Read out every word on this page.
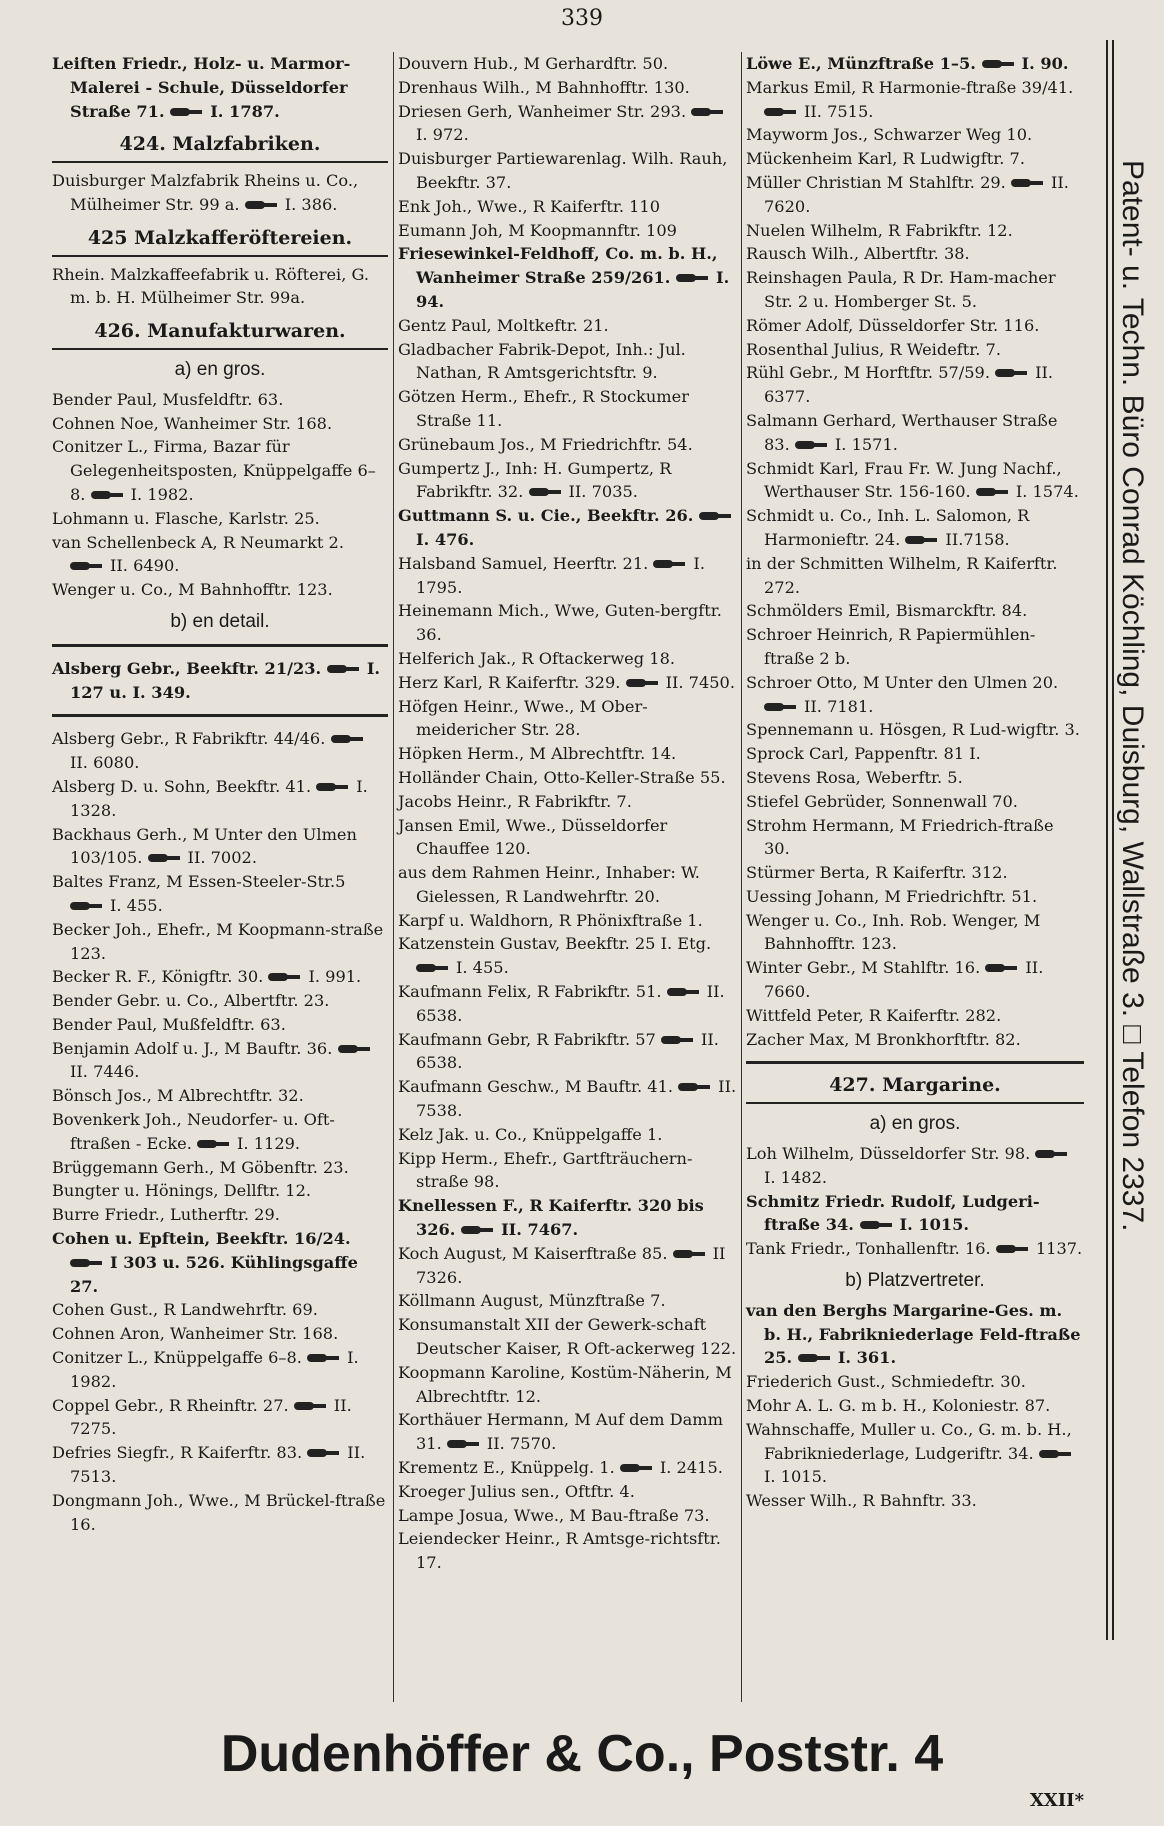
339

Leiften Friedr., Holz- u. Marmor-Malerei - Schule, Düsseldorfer Straße 71. I. 1787.

424. Malzfabriken.

Duisburger Malzfabrik Rheins u. Co., Mülheimer Str. 99 a. I. 386.

425 Malzkafferöftereien.

Rhein. Malzkaffeefabrik u. Röfterei, G. m. b. H. Mülheimer Str. 99a.

426. Manufakturwaren.
a) en gros.

Bender Paul, Musfeldftr. 63.

Cohnen Noe, Wanheimer Str. 168.

Conitzer L., Firma, Bazar für Gelegenheitsposten, Knüppelgaffe 6–8. I. 1982.

Lohmann u. Flasche, Karlstr. 25.

van Schellenbeck A, R Neumarkt 2. II. 6490.

Wenger u. Co., M Bahnhofftr. 123.

b) en detail.

Alsberg Gebr., Beekftr. 21/23. I. 127 u. I. 349.

Alsberg Gebr., R Fabrikftr. 44/46. II. 6080.

Alsberg D. u. Sohn, Beekftr. 41. I. 1328.

Backhaus Gerh., M Unter den Ulmen 103/105. II. 7002.

Baltes Franz, M Essen-Steeler-Str.5 I. 455.

Becker Joh., Ehefr., M Koopmann-straße 123.

Becker R. F., Königftr. 30. I. 991.

Bender Gebr. u. Co., Albertftr. 23.

Bender Paul, Mußfeldftr. 63.

Benjamin Adolf u. J., M Bauftr. 36. II. 7446.

Bönsch Jos., M Albrechtftr. 32.

Bovenkerk Joh., Neudorfer- u. Oft-ftraßen - Ecke. I. 1129.

Brüggemann Gerh., M Göbenftr. 23.

Bungter u. Hönings, Dellftr. 12.

Burre Friedr., Lutherftr. 29.

Cohen u. Epftein, Beekftr. 16/24. I 303 u. 526. Kühlingsgaffe 27.

Cohen Gust., R Landwehrftr. 69.

Cohnen Aron, Wanheimer Str. 168.

Conitzer L., Knüppelgaffe 6–8. I. 1982.

Coppel Gebr., R Rheinftr. 27. II. 7275.

Defries Siegfr., R Kaiferftr. 83. II. 7513.

Dongmann Joh., Wwe., M Brückel-ftraße 16.

Douvern Hub., M Gerhardftr. 50.

Drenhaus Wilh., M Bahnhofftr. 130.

Driesen Gerh, Wanheimer Str. 293. I. 972.

Duisburger Partiewarenlag. Wilh. Rauh, Beekftr. 37.

Enk Joh., Wwe., R Kaiferftr. 110

Eumann Joh, M Koopmannftr. 109

Friesewinkel-Feldhoff, Co. m. b. H., Wanheimer Straße 259/261. I. 94.

Gentz Paul, Moltkeftr. 21.

Gladbacher Fabrik-Depot, Inh.: Jul. Nathan, R Amtsgerichtsftr. 9.

Götzen Herm., Ehefr., R Stockumer Straße 11.

Grünebaum Jos., M Friedrichftr. 54.

Gumpertz J., Inh: H. Gumpertz, R Fabrikftr. 32. II. 7035.

Guttmann S. u. Cie., Beekftr. 26. I. 476.

Halsband Samuel, Heerftr. 21. I. 1795.

Heinemann Mich., Wwe, Guten-bergftr. 36.

Helferich Jak., R Oftackerweg 18.

Herz Karl, R Kaiferftr. 329. II. 7450.

Höfgen Heinr., Wwe., M Ober-meidericher Str. 28.

Höpken Herm., M Albrechtftr. 14.

Holländer Chain, Otto-Keller-Straße 55.

Jacobs Heinr., R Fabrikftr. 7.

Jansen Emil, Wwe., Düsseldorfer Chauffee 120.

aus dem Rahmen Heinr., Inhaber: W. Gielessen, R Landwehrftr. 20.

Karpf u. Waldhorn, R Phönixftraße 1.

Katzenstein Gustav, Beekftr. 25 I. Etg. I. 455.

Kaufmann Felix, R Fabrikftr. 51. II. 6538.

Kaufmann Gebr, R Fabrikftr. 57 II. 6538.

Kaufmann Geschw., M Bauftr. 41. II. 7538.

Kelz Jak. u. Co., Knüppelgaffe 1.

Kipp Herm., Ehefr., Gartfträuchern-straße 98.

Knellessen F., R Kaiferftr. 320 bis 326. II. 7467.

Koch August, M Kaiserftraße 85. II 7326.

Köllmann August, Münzftraße 7.

Konsumanstalt XII der Gewerk-schaft Deutscher Kaiser, R Oft-ackerweg 122.

Koopmann Karoline, Kostüm-Näherin, M Albrechtftr. 12.

Korthäuer Hermann, M Auf dem Damm 31. II. 7570.

Krementz E., Knüppelg. 1. I. 2415.

Kroeger Julius sen., Oftftr. 4.

Lampe Josua, Wwe., M Bau-ftraße 73.

Leiendecker Heinr., R Amtsge-richtsftr. 17.

Löwe E., Münzftraße 1–5. I. 90.

Markus Emil, R Harmonie-ftraße 39/41. II. 7515.

Mayworm Jos., Schwarzer Weg 10.

Mückenheim Karl, R Ludwigftr. 7.

Müller Christian M Stahlftr. 29. II. 7620.

Nuelen Wilhelm, R Fabrikftr. 12.

Rausch Wilh., Albertftr. 38.

Reinshagen Paula, R Dr. Ham-macher Str. 2 u. Homberger St. 5.

Römer Adolf, Düsseldorfer Str. 116.

Rosenthal Julius, R Weideftr. 7.

Rühl Gebr., M Horftftr. 57/59. II. 6377.

Salmann Gerhard, Werthauser Straße 83. I. 1571.

Schmidt Karl, Frau Fr. W. Jung Nachf., Werthauser Str. 156-160. I. 1574.

Schmidt u. Co., Inh. L. Salomon, R Harmonieftr. 24. II.7158.

in der Schmitten Wilhelm, R Kaiferftr. 272.

Schmölders Emil, Bismarckftr. 84.

Schroer Heinrich, R Papiermühlen-ftraße 2 b.

Schroer Otto, M Unter den Ulmen 20. II. 7181.

Spennemann u. Hösgen, R Lud-wigftr. 3.

Sprock Carl, Pappenftr. 81 I.

Stevens Rosa, Weberftr. 5.

Stiefel Gebrüder, Sonnenwall 70.

Strohm Hermann, M Friedrich-ftraße 30.

Stürmer Berta, R Kaiferftr. 312.

Uessing Johann, M Friedrichftr. 51.

Wenger u. Co., Inh. Rob. Wenger, M Bahnhofftr. 123.

Winter Gebr., M Stahlftr. 16. II. 7660.

Wittfeld Peter, R Kaiferftr. 282.

Zacher Max, M Bronkhorftftr. 82.

427. Margarine.
a) en gros.

Loh Wilhelm, Düsseldorfer Str. 98. I. 1482.

Schmitz Friedr. Rudolf, Ludgeri-ftraße 34. I. 1015.

Tank Friedr., Tonhallenftr. 16. 1137.

b) Platzvertreter.

van den Berghs Margarine-Ges. m. b. H., Fabrikniederlage Feld-ftraße 25. I. 361.

Friederich Gust., Schmiedeftr. 30.

Mohr A. L. G. m b. H., Koloniestr. 87.

Wahnschaffe, Muller u. Co., G. m. b. H., Fabrikniederlage, Ludgeriftr. 34. I. 1015.

Wesser Wilh., R Bahnftr. 33.

Patent- u. Techn. Büro Conrad Köchling, Duisburg, Wallstraße 3. □ Telefon 2337.
Dudenhöffer & Co., Poststr. 4
XXII*
